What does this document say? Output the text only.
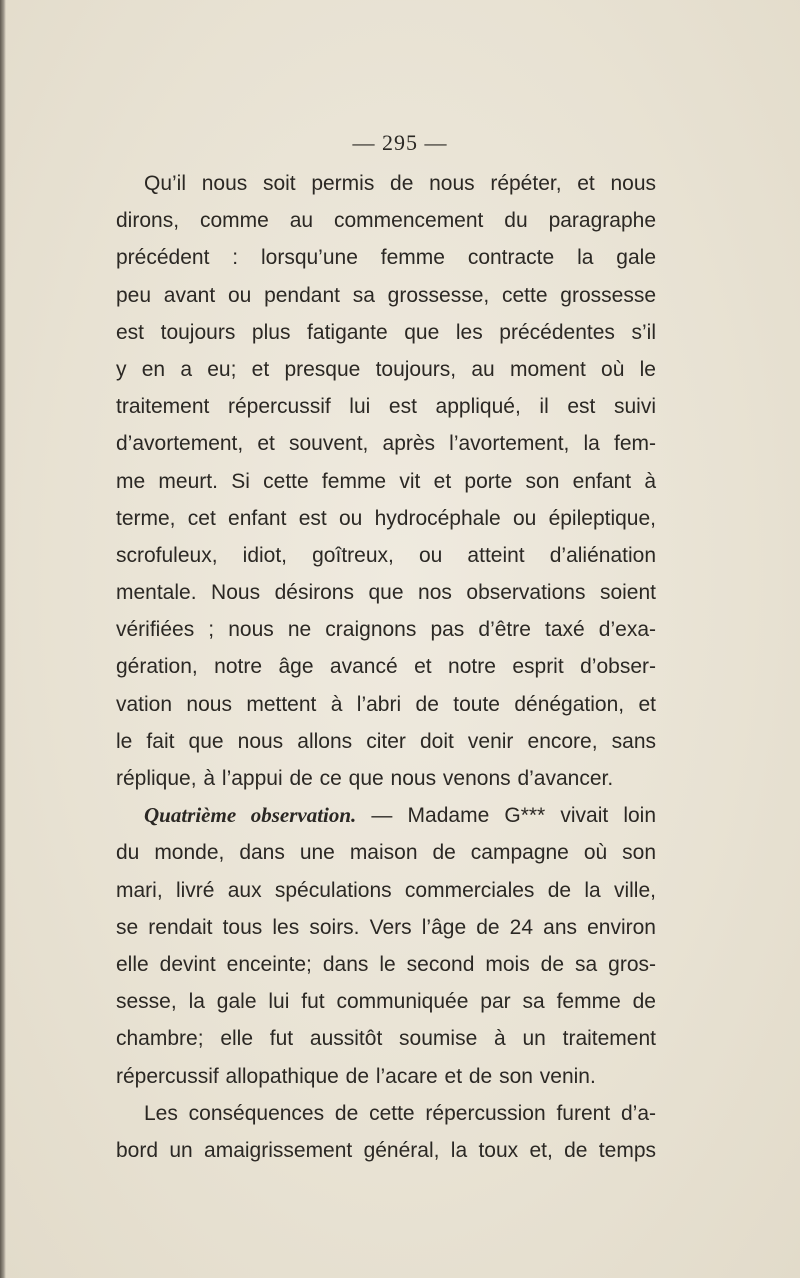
— 295 —
Qu’il nous soit permis de nous répéter, et nous
dirons, comme au commencement du paragraphe
précédent : lorsqu’une femme contracte la gale
peu avant ou pendant sa grossesse, cette grossesse
est toujours plus fatigante que les précédentes s’il
y en a eu; et presque toujours, au moment où le
traitement répercussif lui est appliqué, il est suivi
d’avortement, et souvent, après l’avortement, la fem-
me meurt. Si cette femme vit et porte son enfant à
terme, cet enfant est ou hydrocéphale ou épileptique,
scrofuleux, idiot, goîtreux, ou atteint d’aliénation
mentale. Nous désirons que nos observations soient
vérifiées ; nous ne craignons pas d’être taxé d’exa-
gération, notre âge avancé et notre esprit d’obser-
vation nous mettent à l’abri de toute dénégation, et
le fait que nous allons citer doit venir encore, sans
réplique, à l’appui de ce que nous venons d’avancer.
Quatrième observation. — Madame G*** vivait loin
du monde, dans une maison de campagne où son
mari, livré aux spéculations commerciales de la ville,
se rendait tous les soirs. Vers l’âge de 24 ans environ
elle devint enceinte; dans le second mois de sa gros-
sesse, la gale lui fut communiquée par sa femme de
chambre; elle fut aussitôt soumise à un traitement
répercussif allopathique de l’acare et de son venin.
Les conséquences de cette répercussion furent d’a-
bord un amaigrissement général, la toux et, de temps
